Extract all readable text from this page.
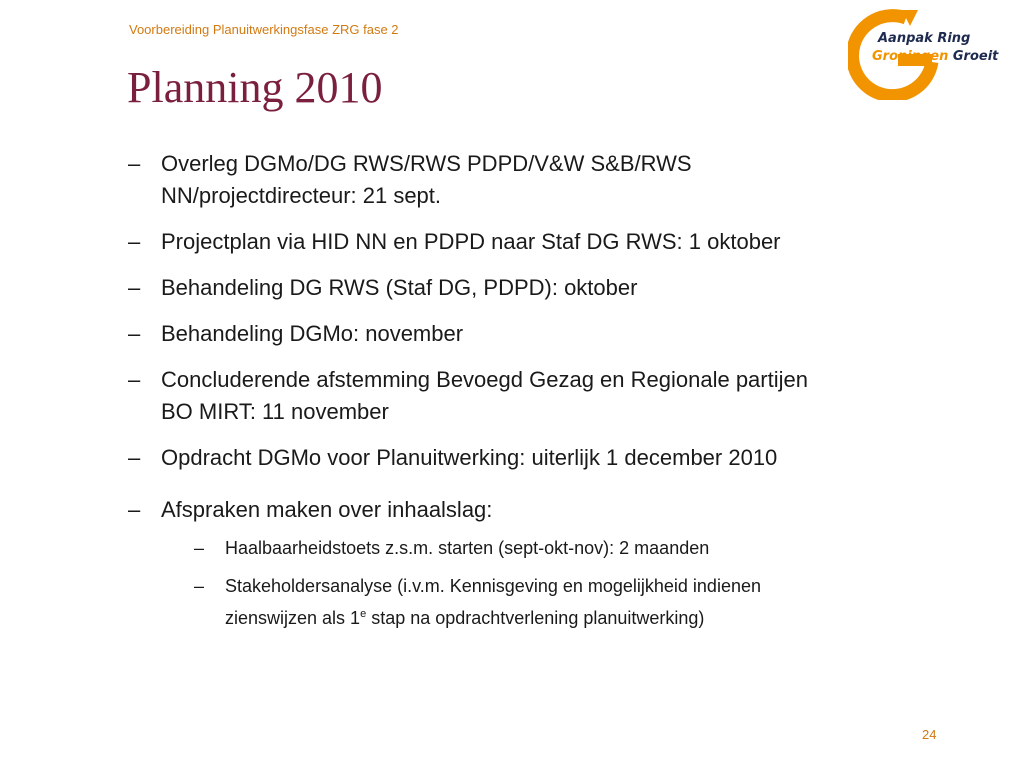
Voorbereiding Planuitwerkingsfase ZRG fase 2
Planning 2010
Aanpak Ring
Groningen Groeit
– Overleg DGMo/DG RWS/RWS PDPD/V&W S&B/RWS
NN/projectdirecteur: 21 sept.
– Projectplan via HID NN en PDPD naar Staf DG RWS: 1 oktober
– Behandeling DG RWS (Staf DG, PDPD): oktober
– Behandeling DGMo: november
– Concluderende afstemming Bevoegd Gezag en Regionale partijen
BO MIRT: 11 november
– Opdracht DGMo voor Planuitwerking: uiterlijk 1 december 2010
– Afspraken maken over inhaalslag:
–	Haalbaarheidstoets z.s.m. starten (sept-okt-nov): 2 maanden
–	Stakeholdersanalyse (i.v.m. Kennisgeving en mogelijkheid indienen
zienswijzen als 1e stap na opdrachtverlening planuitwerking)
24
